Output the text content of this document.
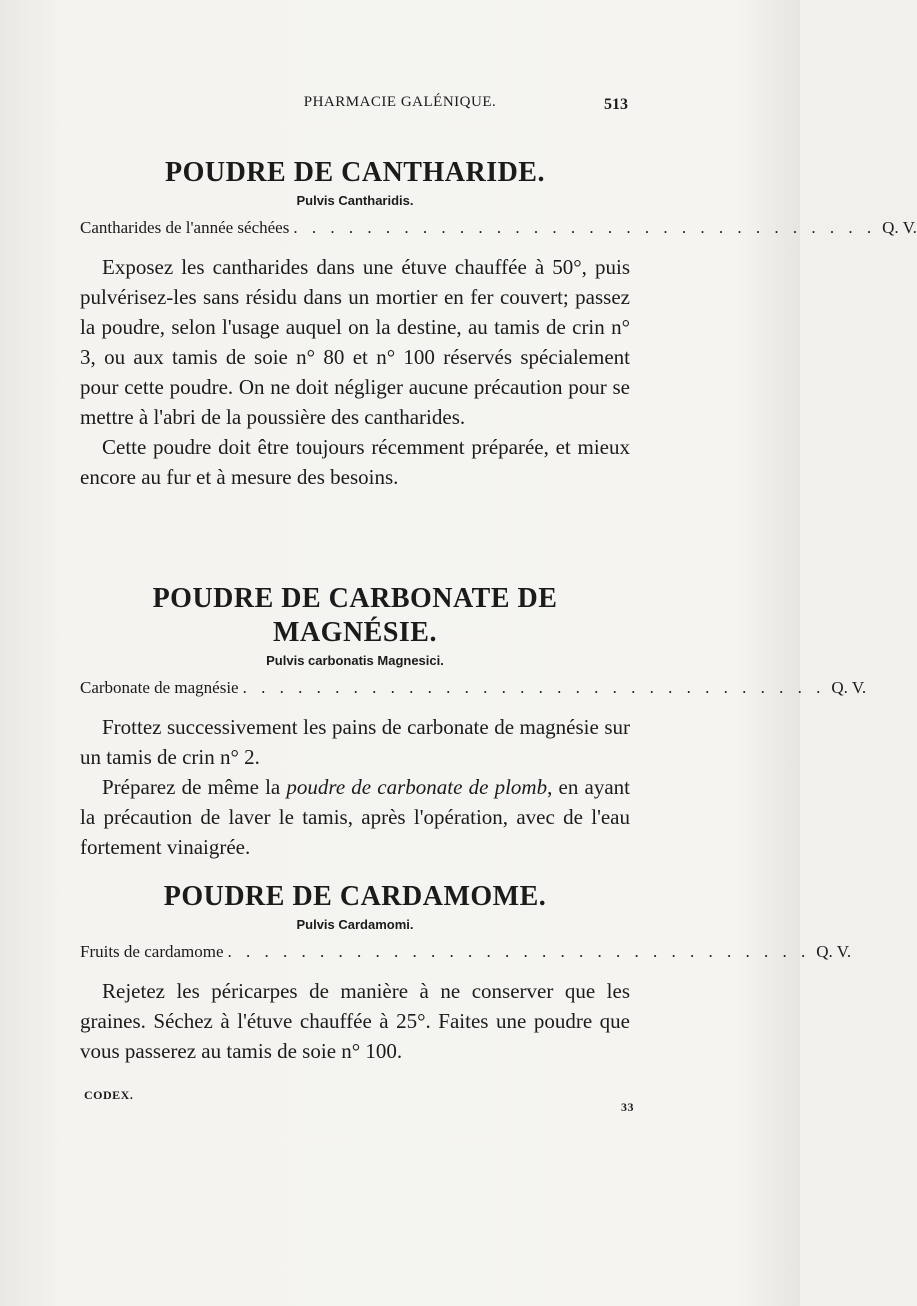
PHARMACIE GALÉNIQUE.	513
POUDRE DE CANTHARIDE.
Pulvis Cantharidis.
Cantharides de l'année séchées . . . . . . . . . . . . . . . . . . . . . . . . . . . . . . . . Q. V.

Exposez les cantharides dans une étuve chauffée à 50°, puis pulvérisez-les sans résidu dans un mortier en fer couvert; passez la poudre, selon l'usage auquel on la destine, au tamis de crin n° 3, ou aux tamis de soie n° 80 et n° 100 réservés spécialement pour cette poudre. On ne doit négliger aucune précaution pour se mettre à l'abri de la poussière des cantharides.

Cette poudre doit être toujours récemment préparée, et mieux encore au fur et à mesure des besoins.

POUDRE DE CARBONATE DE MAGNÉSIE.
Pulvis carbonatis Magnesici.
Carbonate de magnésie . . . . . . . . . . . . . . . . . . . . . . . . . . . . . . . . Q. V.

Frottez successivement les pains de carbonate de magnésie sur un tamis de crin n° 2.

Préparez de même la poudre de carbonate de plomb, en ayant la précaution de laver le tamis, après l'opération, avec de l'eau fortement vinaigrée.

POUDRE DE CARDAMOME.
Pulvis Cardamomi.
Fruits de cardamome . . . . . . . . . . . . . . . . . . . . . . . . . . . . . . . . Q. V.

Rejetez les péricarpes de manière à ne conserver que les graines. Séchez à l'étuve chauffée à 25°. Faites une poudre que vous passerez au tamis de soie n° 100.

CODEX.
33
